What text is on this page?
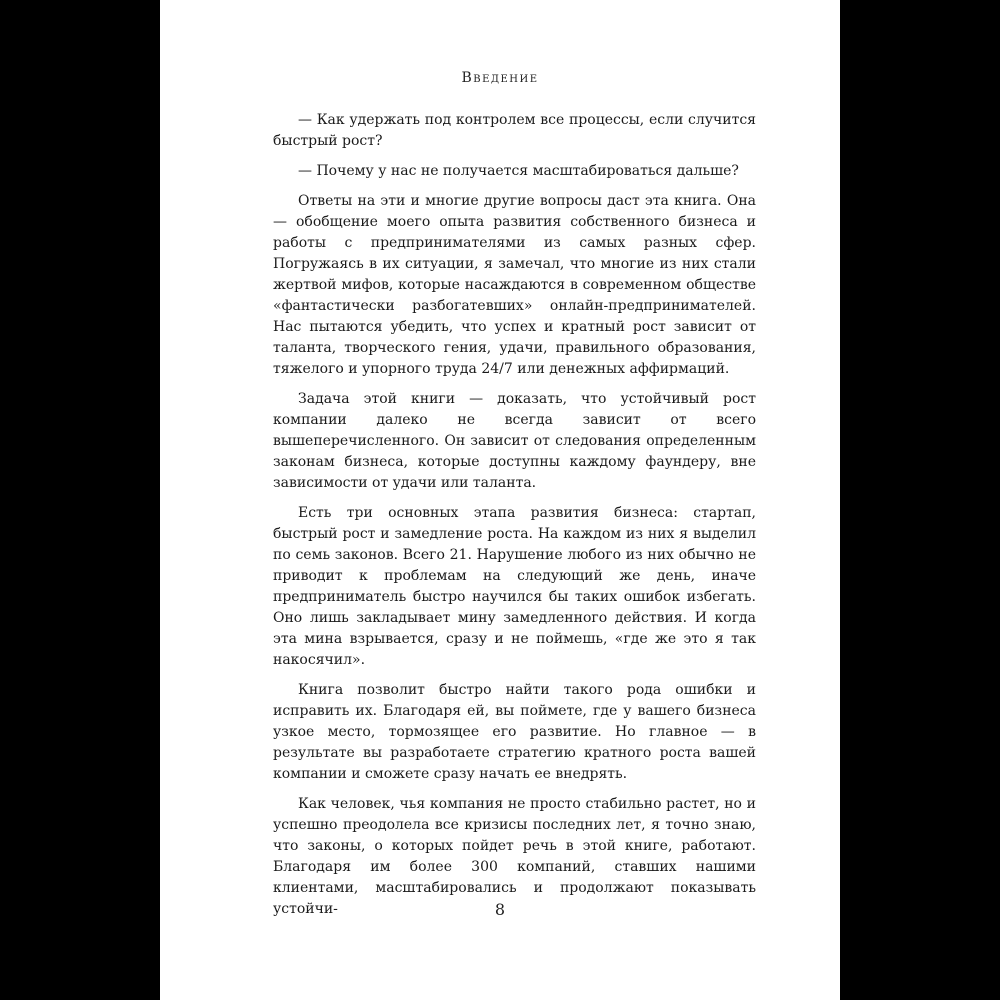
Введение

— Как удержать под контролем все процессы, если случится быстрый рост?

— Почему у нас не получается масштабироваться дальше?

Ответы на эти и многие другие вопросы даст эта книга. Она — обобщение моего опыта развития собственного бизнеса и работы с предпринимателями из самых разных сфер. Погружаясь в их ситуации, я замечал, что многие из них стали жертвой мифов, которые насаждаются в современном обществе «фантастически разбогатевших» онлайн-предпринимателей. Нас пытаются убедить, что успех и кратный рост зависит от таланта, творческого гения, удачи, правильного образования, тяжелого и упорного труда 24/7 или денежных аффирмаций.

Задача этой книги — доказать, что устойчивый рост компании далеко не всегда зависит от всего вышеперечисленного. Он зависит от следования определенным законам бизнеса, которые доступны каждому фаундеру, вне зависимости от удачи или таланта.

Есть три основных этапа развития бизнеса: стартап, быстрый рост и замедление роста. На каждом из них я выделил по семь законов. Всего 21. Нарушение любого из них обычно не приводит к проблемам на следующий же день, иначе предприниматель быстро научился бы таких ошибок избегать. Оно лишь закладывает мину замедленного действия. И когда эта мина взрывается, сразу и не поймешь, «где же это я так накосячил».

Книга позволит быстро найти такого рода ошибки и исправить их. Благодаря ей, вы поймете, где у вашего бизнеса узкое место, тормозящее его развитие. Но главное — в результате вы разработаете стратегию кратного роста вашей компании и сможете сразу начать ее внедрять.

Как человек, чья компания не просто стабильно растет, но и успешно преодолела все кризисы последних лет, я точно знаю, что законы, о которых пойдет речь в этой книге, работают. Благодаря им более 300 компаний, ставших нашими клиентами, масштабировались и продолжают показывать устойчи-	8
